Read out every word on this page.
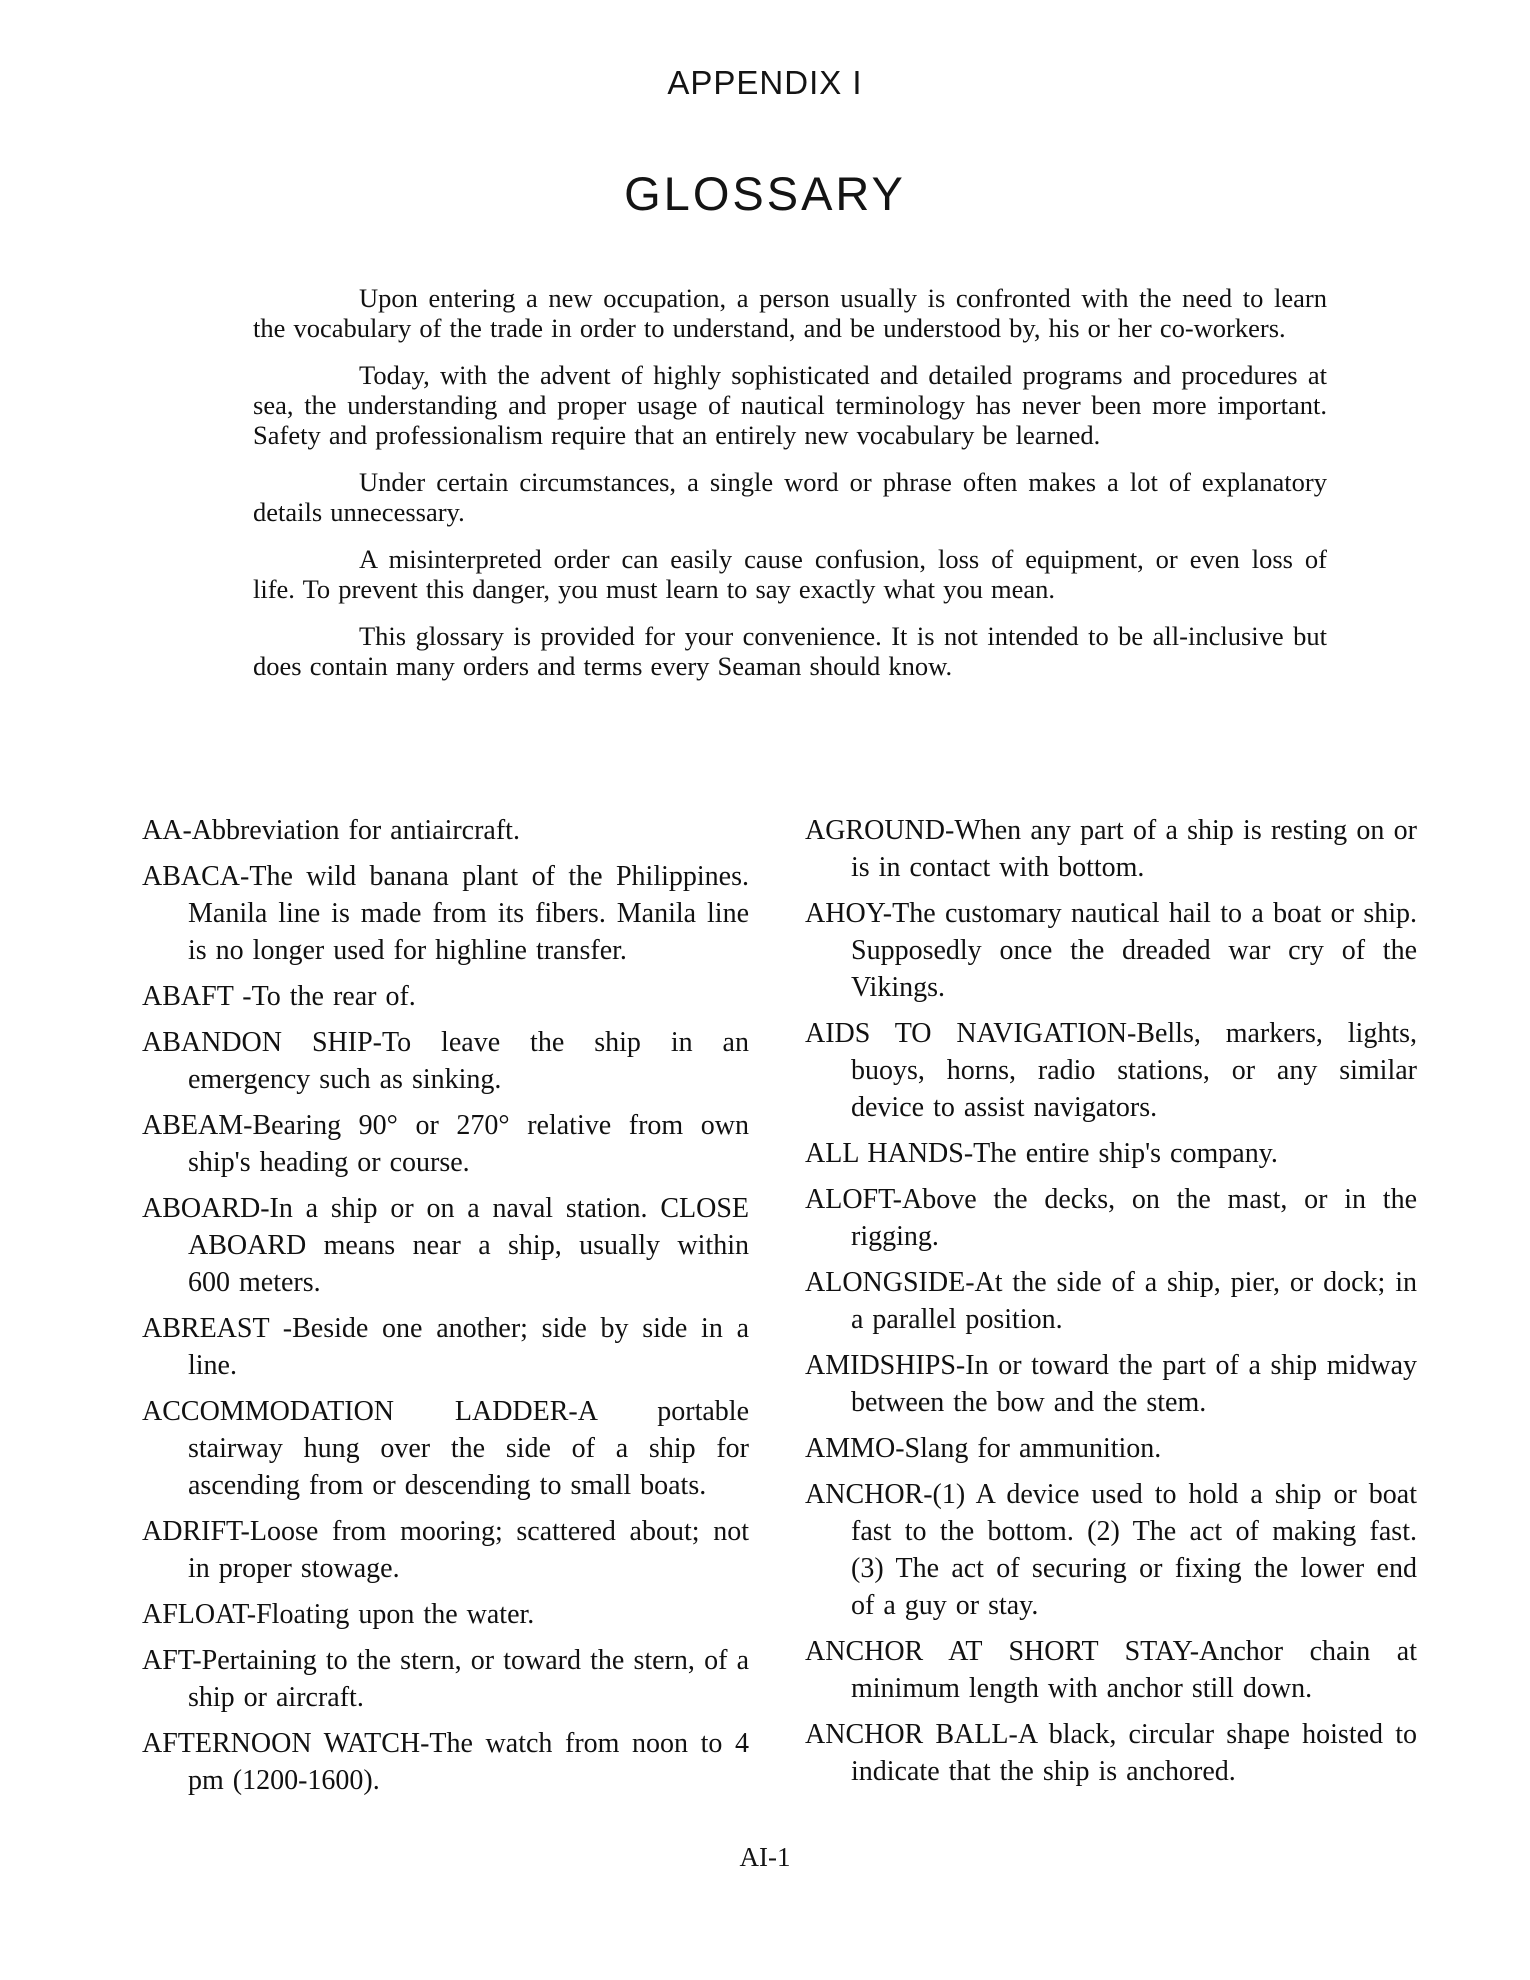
APPENDIX I
GLOSSARY

Upon entering a new occupation, a person usually is confronted with the need to learn the vocabulary of the trade in order to understand, and be understood by, his or her co-workers.

Today, with the advent of highly sophisticated and detailed programs and procedures at sea, the understanding and proper usage of nautical terminology has never been more important. Safety and professionalism require that an entirely new vocabulary be learned.

Under certain circumstances, a single word or phrase often makes a lot of explanatory details unnecessary.

A misinterpreted order can easily cause confusion, loss of equipment, or even loss of life. To prevent this danger, you must learn to say exactly what you mean.

This glossary is provided for your convenience. It is not intended to be all-inclusive but does contain many orders and terms every Seaman should know.

AA-Abbreviation for antiaircraft.

ABACA-The wild banana plant of the Philippines. Manila line is made from its fibers. Manila line is no longer used for highline transfer.

ABAFT -To the rear of.

ABANDON SHIP-To leave the ship in an emergency such as sinking.

ABEAM-Bearing 90° or 270° relative from own ship's heading or course.

ABOARD-In a ship or on a naval station. CLOSE ABOARD means near a ship, usually within 600 meters.

ABREAST -Beside one another; side by side in a line.

ACCOMMODATION LADDER-A portable stairway hung over the side of a ship for ascending from or descending to small boats.

ADRIFT-Loose from mooring; scattered about; not in proper stowage.

AFLOAT-Floating upon the water.

AFT-Pertaining to the stern, or toward the stern, of a ship or aircraft.

AFTERNOON WATCH-The watch from noon to 4 pm (1200-1600).

AGROUND-When any part of a ship is resting on or is in contact with bottom.

AHOY-The customary nautical hail to a boat or ship. Supposedly once the dreaded war cry of the Vikings.

AIDS TO NAVIGATION-Bells, markers, lights, buoys, horns, radio stations, or any similar device to assist navigators.

ALL HANDS-The entire ship's company.

ALOFT-Above the decks, on the mast, or in the rigging.

ALONGSIDE-At the side of a ship, pier, or dock; in a parallel position.

AMIDSHIPS-In or toward the part of a ship midway between the bow and the stem.

AMMO-Slang for ammunition.

ANCHOR-(1) A device used to hold a ship or boat fast to the bottom. (2) The act of making fast. (3) The act of securing or fixing the lower end of a guy or stay.

ANCHOR AT SHORT STAY-Anchor chain at minimum length with anchor still down.

ANCHOR BALL-A black, circular shape hoisted to indicate that the ship is anchored.

AI-1
